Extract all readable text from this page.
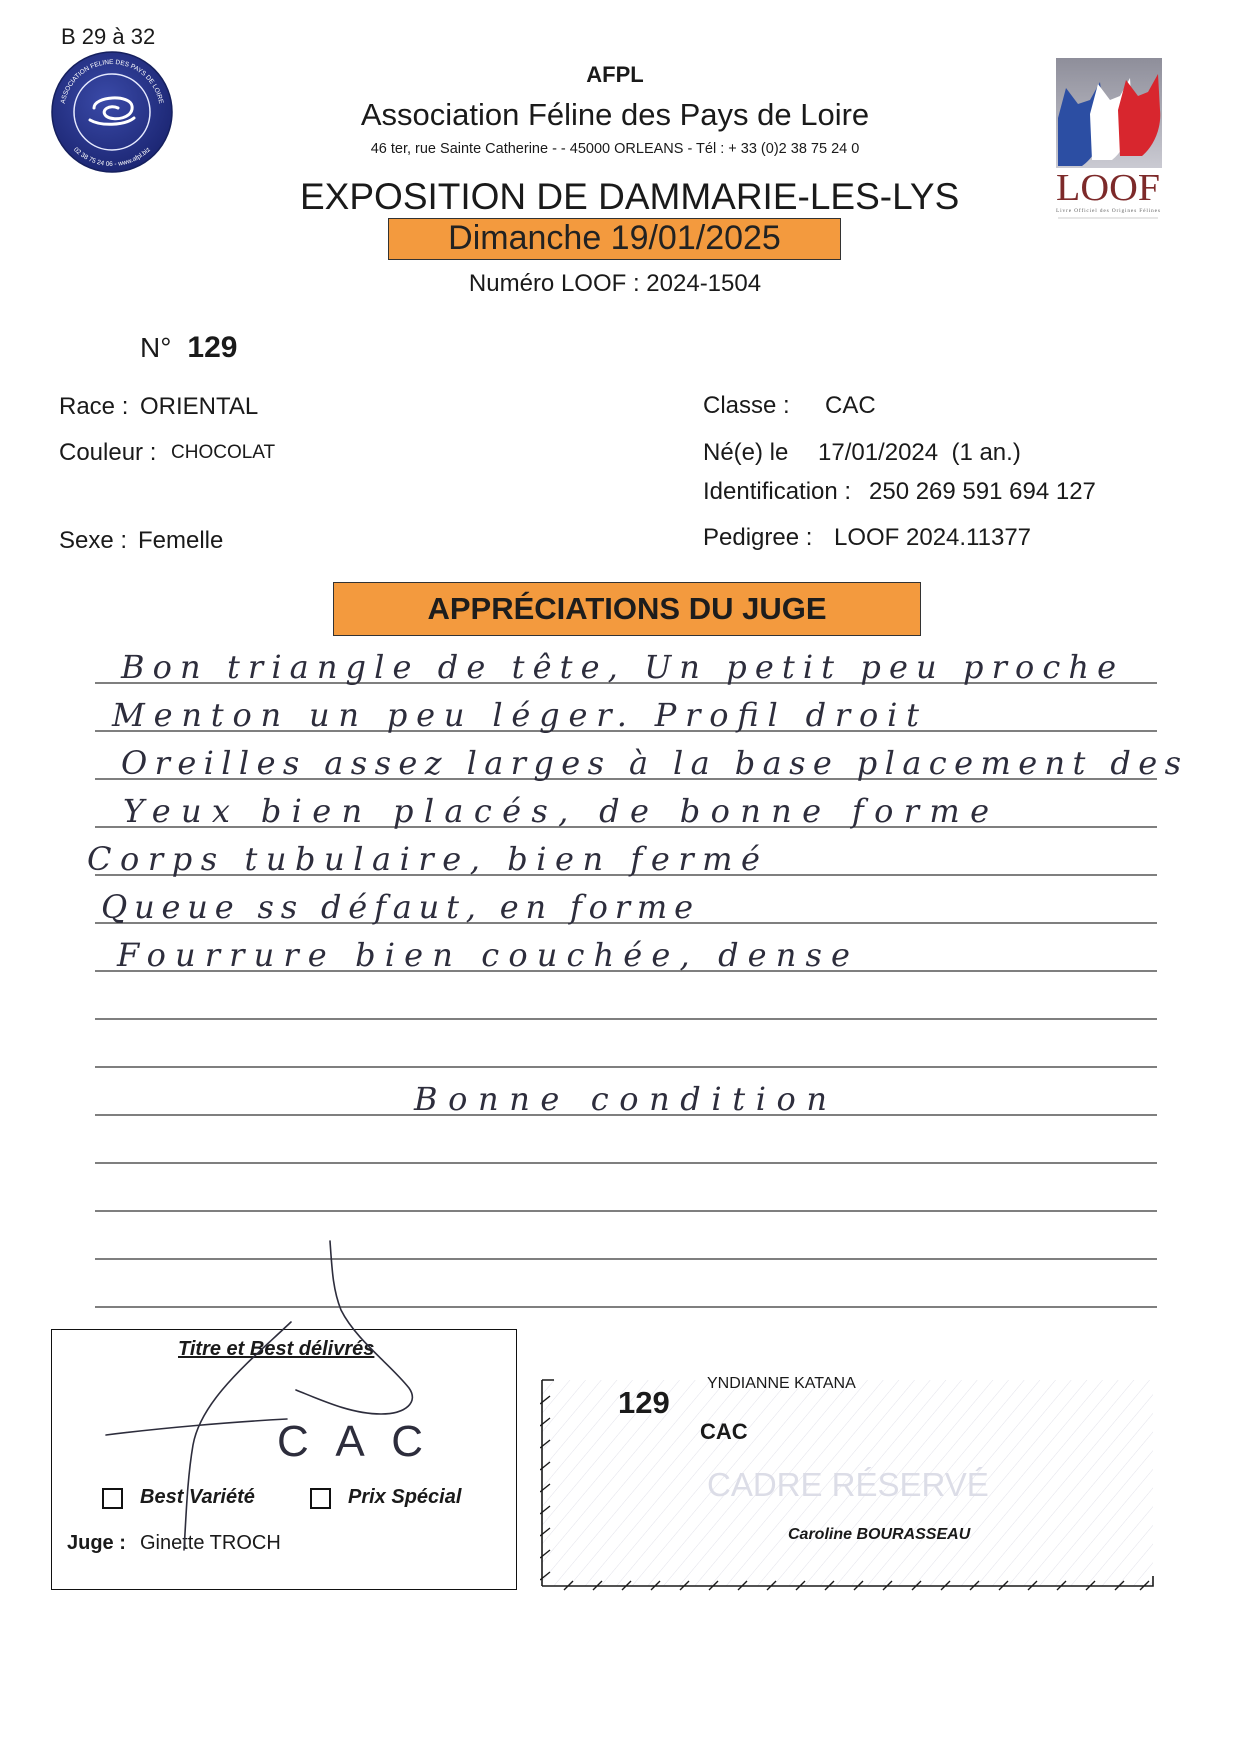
B 29 à 32
ASSOCIATION FELINE DES PAYS DE LOIRE
02 38 75 24 06 - www.afpl.biz
AFPL
Association Féline des Pays de Loire
46 ter, rue Sainte Catherine - - 45000 ORLEANS - Tél : + 33 (0)2 38 75 24 0
EXPOSITION DE DAMMARIE-LES-LYS
Dimanche 19/01/2025
Numéro LOOF : 2024-1504
LOOF
Livre Officiel des Origines Félines
N° 129
Race : ORIENTAL
Couleur : CHOCOLAT
Sexe : Femelle
Classe : CAC
Né(e) le 17/01/2024  (1 an.)
Identification : 250 269 591 694 127
Pedigree : LOOF 2024.11377
APPRÉCIATIONS DU JUGE
Bon triangle de tête, Un petit peu proche
Menton un peu léger. Profil droit
Oreilles assez larges à la base placement des
Yeux bien placés, de bonne forme
Corps tubulaire, bien fermé
Queue ss défaut, en forme
Fourrure bien couchée, dense
Bonne condition
Titre et Best délivrés
Best Variété	Prix Spécial
Juge : Ginette TROCH
CAC
129
YNDIANNE KATANA
CAC
CADRE RÉSERVÉ
Caroline BOURASSEAU
